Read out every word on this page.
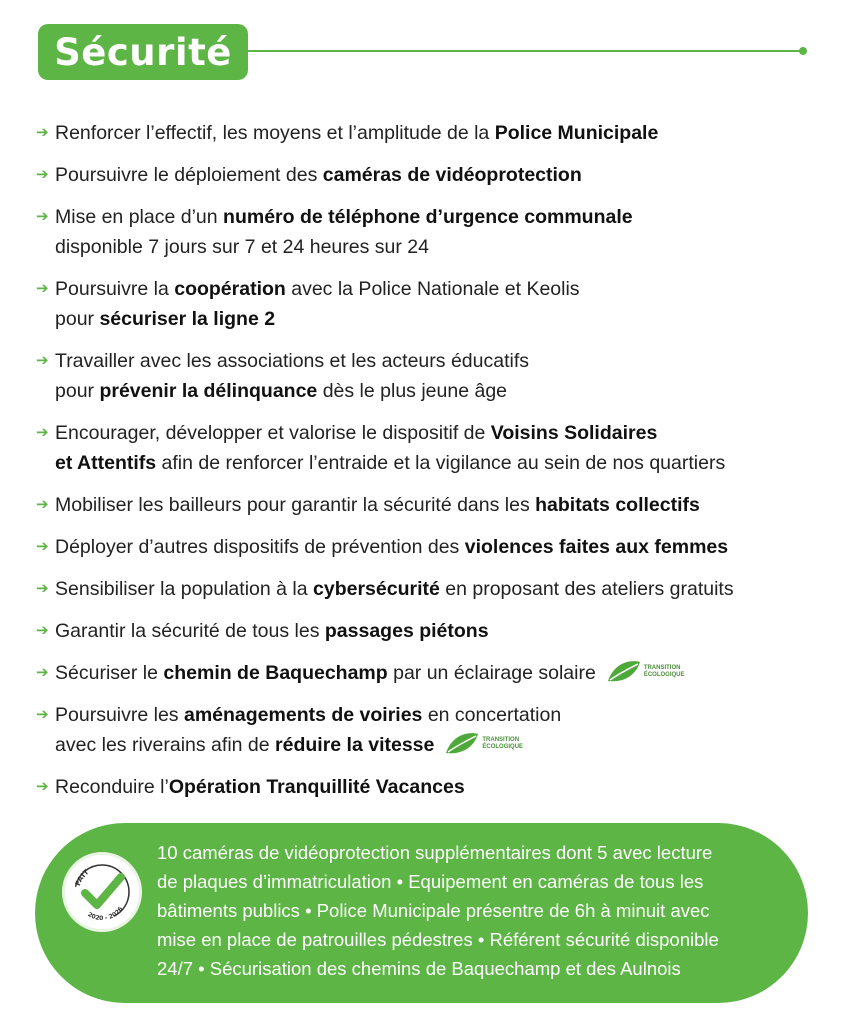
Sécurité
➔ Renforcer l’effectif, les moyens et l’amplitude de la Police Municipale
➔ Poursuivre le déploiement des caméras de vidéoprotection
➔ Mise en place d’un numéro de téléphone d’urgence communale
disponible 7 jours sur 7 et 24 heures sur 24
➔ Poursuivre la coopération avec la Police Nationale et Keolis
pour sécuriser la ligne 2
➔ Travailler avec les associations et les acteurs éducatifs
pour prévenir la délinquance dès le plus jeune âge
➔ Encourager, développer et valorise le dispositif de Voisins Solidaires
et Attentifs afin de renforcer l’entraide et la vigilance au sein de nos quartiers
➔ Mobiliser les bailleurs pour garantir la sécurité dans les habitats collectifs
➔ Déployer d’autres dispositifs de prévention des violences faites aux femmes
➔ Sensibiliser la population à la cybersécurité en proposant des ateliers gratuits
➔ Garantir la sécurité de tous les passages piétons
➔ Sécuriser le chemin de Baquechamp par un éclairage solaire	TRANSITION ÉCOLOGIQUE
➔ Poursuivre les aménagements de voiries en concertation
avec les riverains afin de réduire la vitesse	TRANSITION ÉCOLOGIQUE
➔ Reconduire l’Opération Tranquillité Vacances
FAIT
2020 - 2026
10 caméras de vidéoprotection supplémentaires dont 5 avec lecture
de plaques d’immatriculation • Equipement en caméras de tous les
bâtiments publics • Police Municipale présentre de 6h à minuit avec
mise en place de patrouilles pédestres • Référent sécurité disponible
24/7 • Sécurisation des chemins de Baquechamp et des Aulnois
